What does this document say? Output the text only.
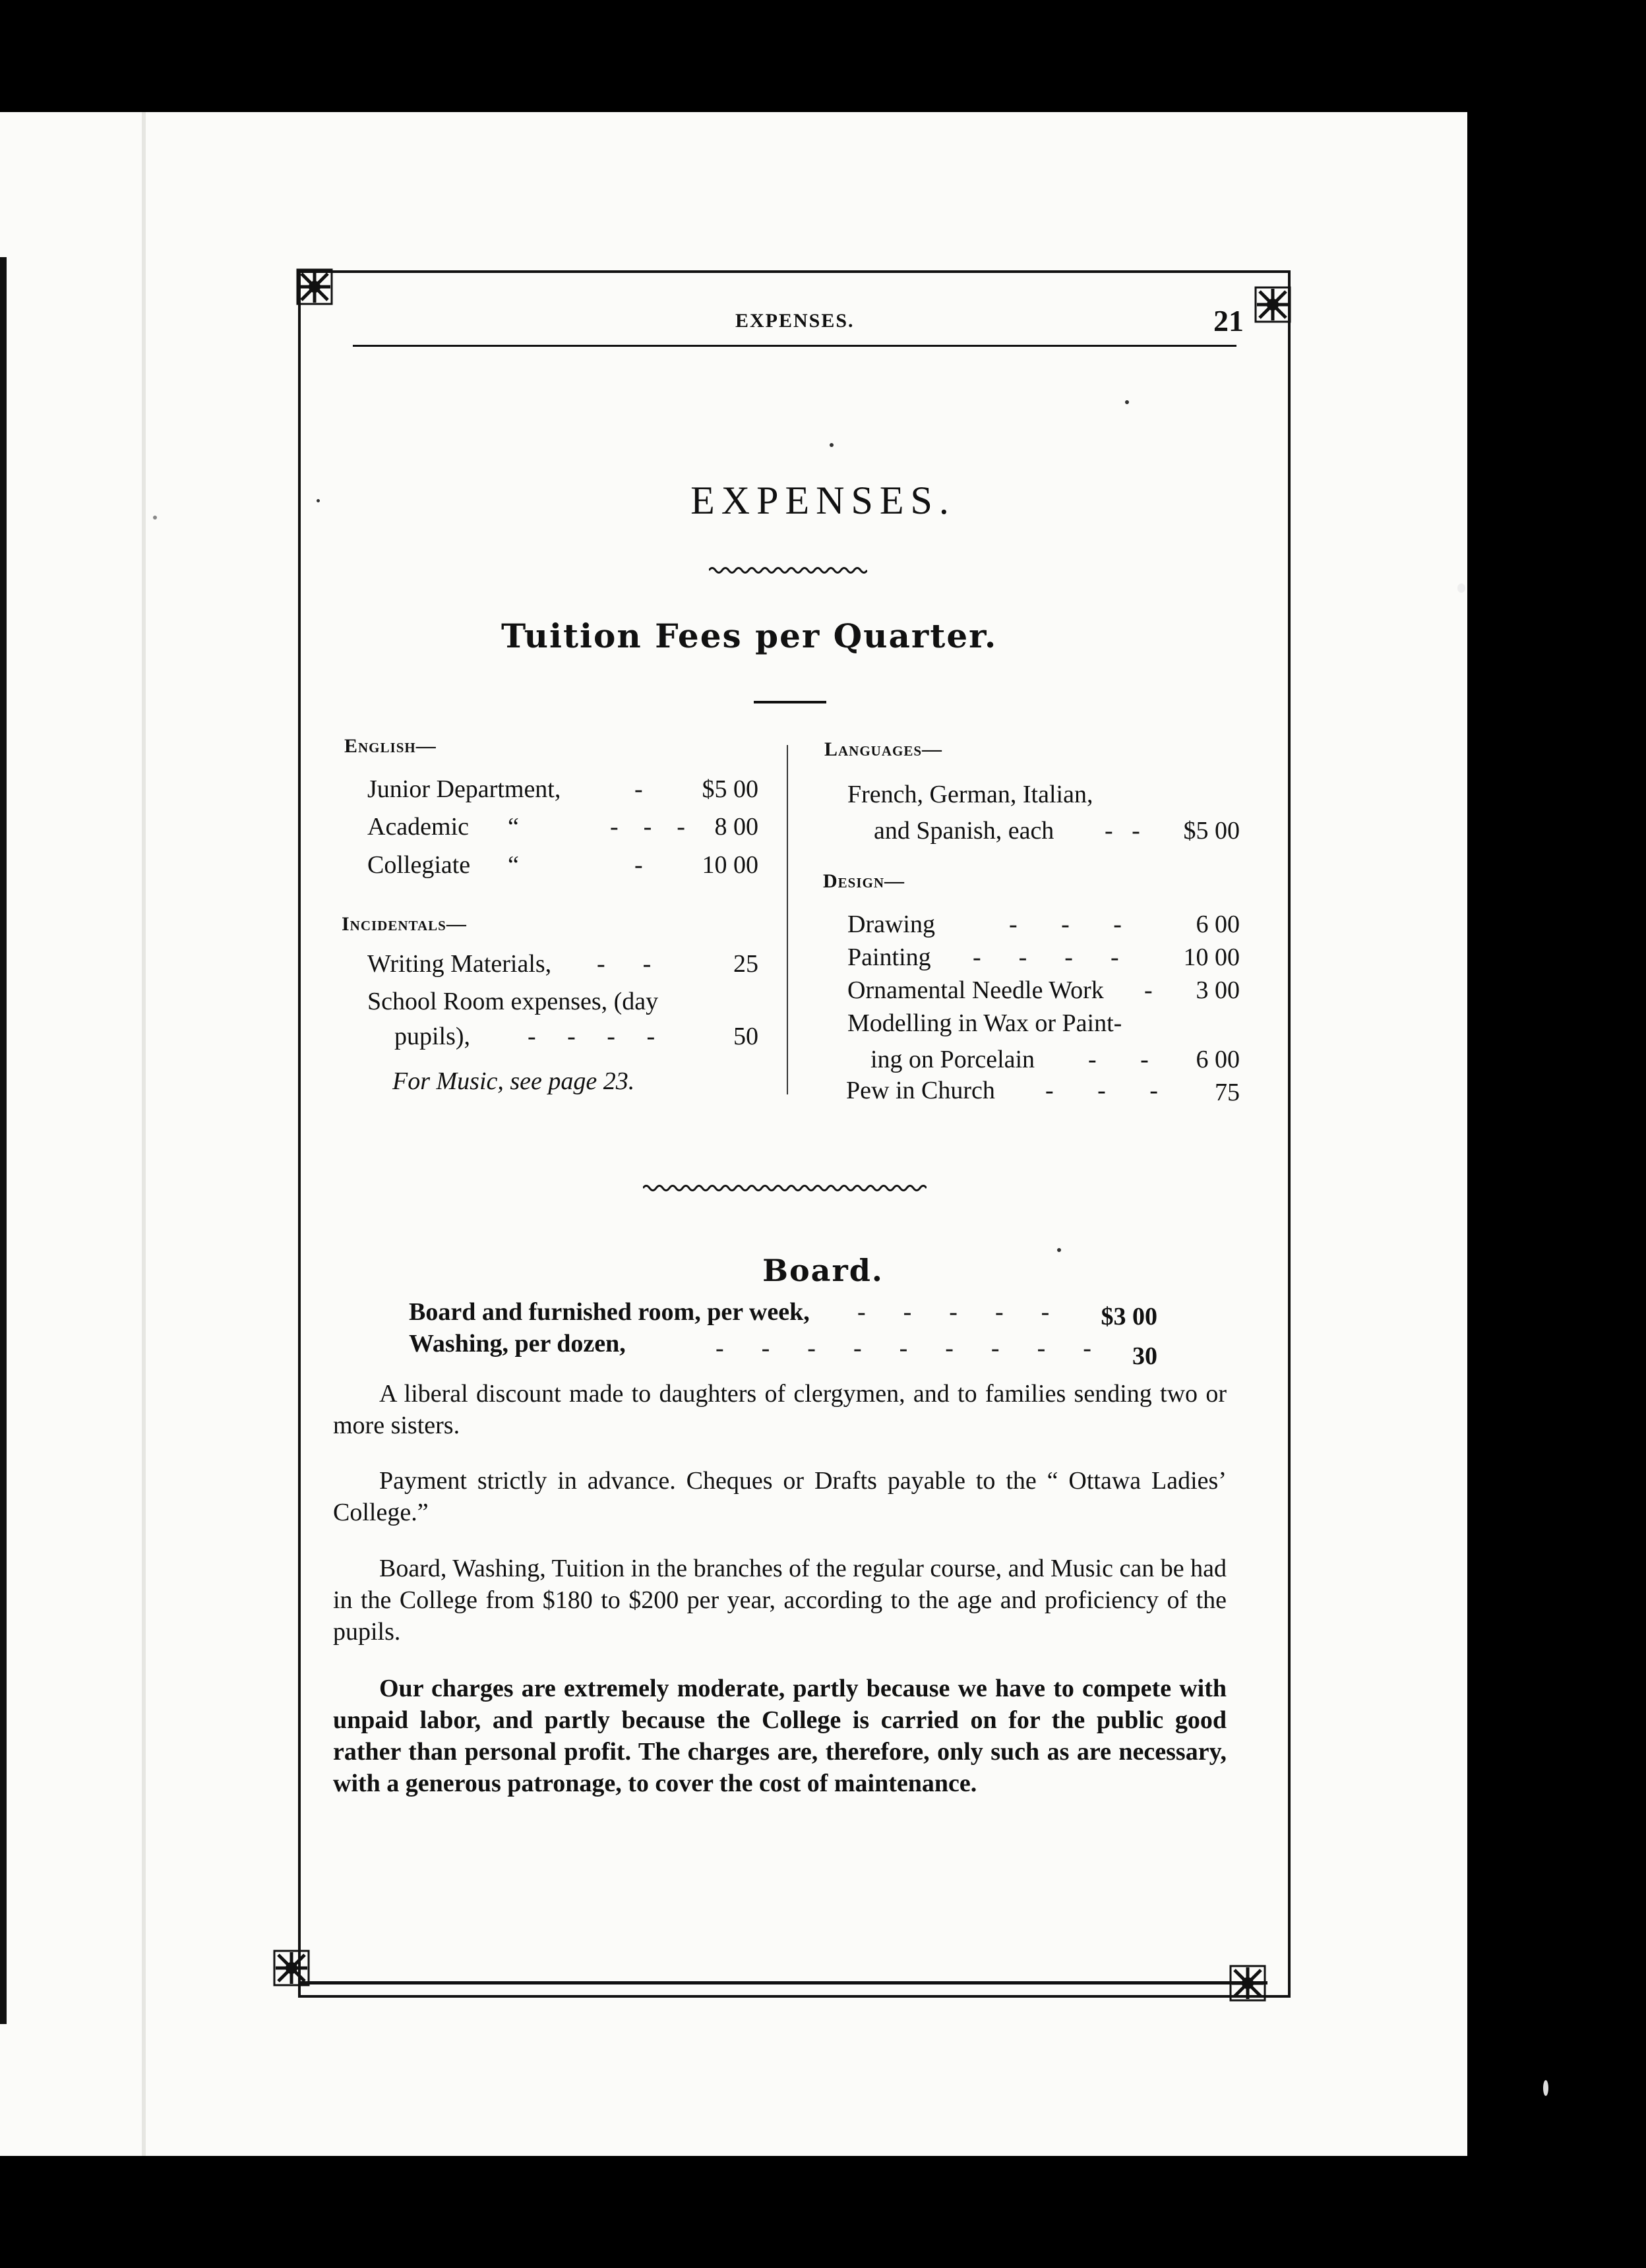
EXPENSES.	21
EXPENSES.
Tuition Fees per Quarter.
English—
Junior Department,	-	$5 00
Academic “	-    -    -	8 00
Collegiate “	-	10 00
Incidentals—
Writing Materials, -      -	25
School Room expenses, (day
pupils), -     -     -     -	50
For Music, see page 23.
Languages—
French, German, Italian,
and Spanish, each -   -	$5 00
Design—
Drawing	-       -       -	6 00
Painting -      -      -      -	10 00
Ornamental Needle Work -	3 00
Modelling in Wax or Paint-
ing on Porcelain -       -	6 00
Pew in Church -       -       -	75
Board.
Board and furnished room, per week, -      -      -      -      -	$3 00
Washing, per dozen,	-      -      -      -      -      -      -      -      -	30
A liberal discount made to daughters of clergymen, and to families sending two or more sisters.
Payment strictly in advance. Cheques or Drafts payable to the “ Ottawa Ladies’ College.”
Board, Washing, Tuition in the branches of the regular course, and Music can be had in the College from $180 to $200 per year, according to the age and proficiency of the pupils.
Our charges are extremely moderate, partly because we have to compete with unpaid labor, and partly because the College is carried on for the public good rather than personal profit. The charges are, therefore, only such as are necessary, with a generous patronage, to cover the cost of maintenance.
